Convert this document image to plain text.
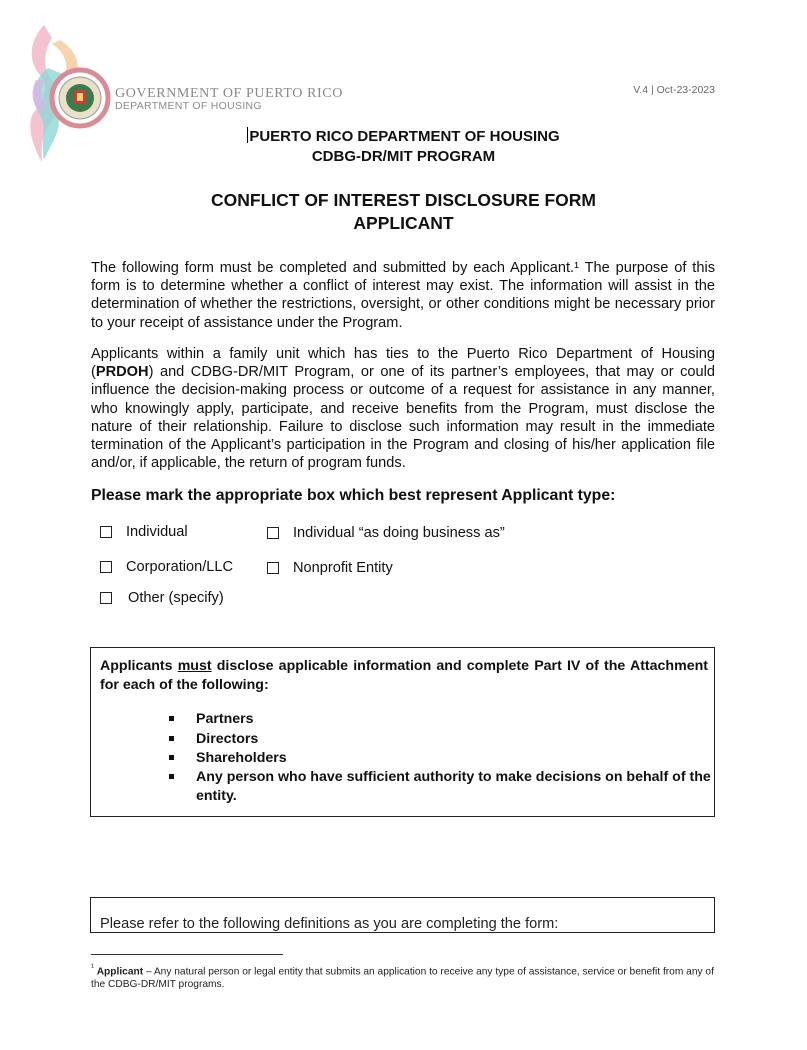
GOVERNMENT OF PUERTO RICO
DEPARTMENT OF HOUSING
V.4 | Oct-23-2023
PUERTO RICO DEPARTMENT OF HOUSING
CDBG-DR/MIT PROGRAM
CONFLICT OF INTEREST DISCLOSURE FORM
APPLICANT
The following form must be completed and submitted by each Applicant.¹ The purpose of this form is to determine whether a conflict of interest may exist. The information will assist in the determination of whether the restrictions, oversight, or other conditions might be necessary prior to your receipt of assistance under the Program.
Applicants within a family unit which has ties to the Puerto Rico Department of Housing (PRDOH) and CDBG-DR/MIT Program, or one of its partner’s employees, that may or could influence the decision-making process or outcome of a request for assistance in any manner, who knowingly apply, participate, and receive benefits from the Program, must disclose the nature of their relationship. Failure to disclose such information may result in the immediate termination of the Applicant’s participation in the Program and closing of his/her application file and/or, if applicable, the return of program funds.
Please mark the appropriate box which best represent Applicant type:
Individual	Individual “as doing business as”
Corporation/LLC	Nonprofit Entity
Other (specify)
Applicants must disclose applicable information and complete Part IV of the Attachment for each of the following:
Partners
Directors
Shareholders
Any person who have sufficient authority to make decisions on behalf of the entity.
Please refer to the following definitions as you are completing the form:
$^{^1}$ Applicant – Any natural person or legal entity that submits an application to receive any type of assistance, service or benefit from any of the CDBG-DR/MIT programs.
